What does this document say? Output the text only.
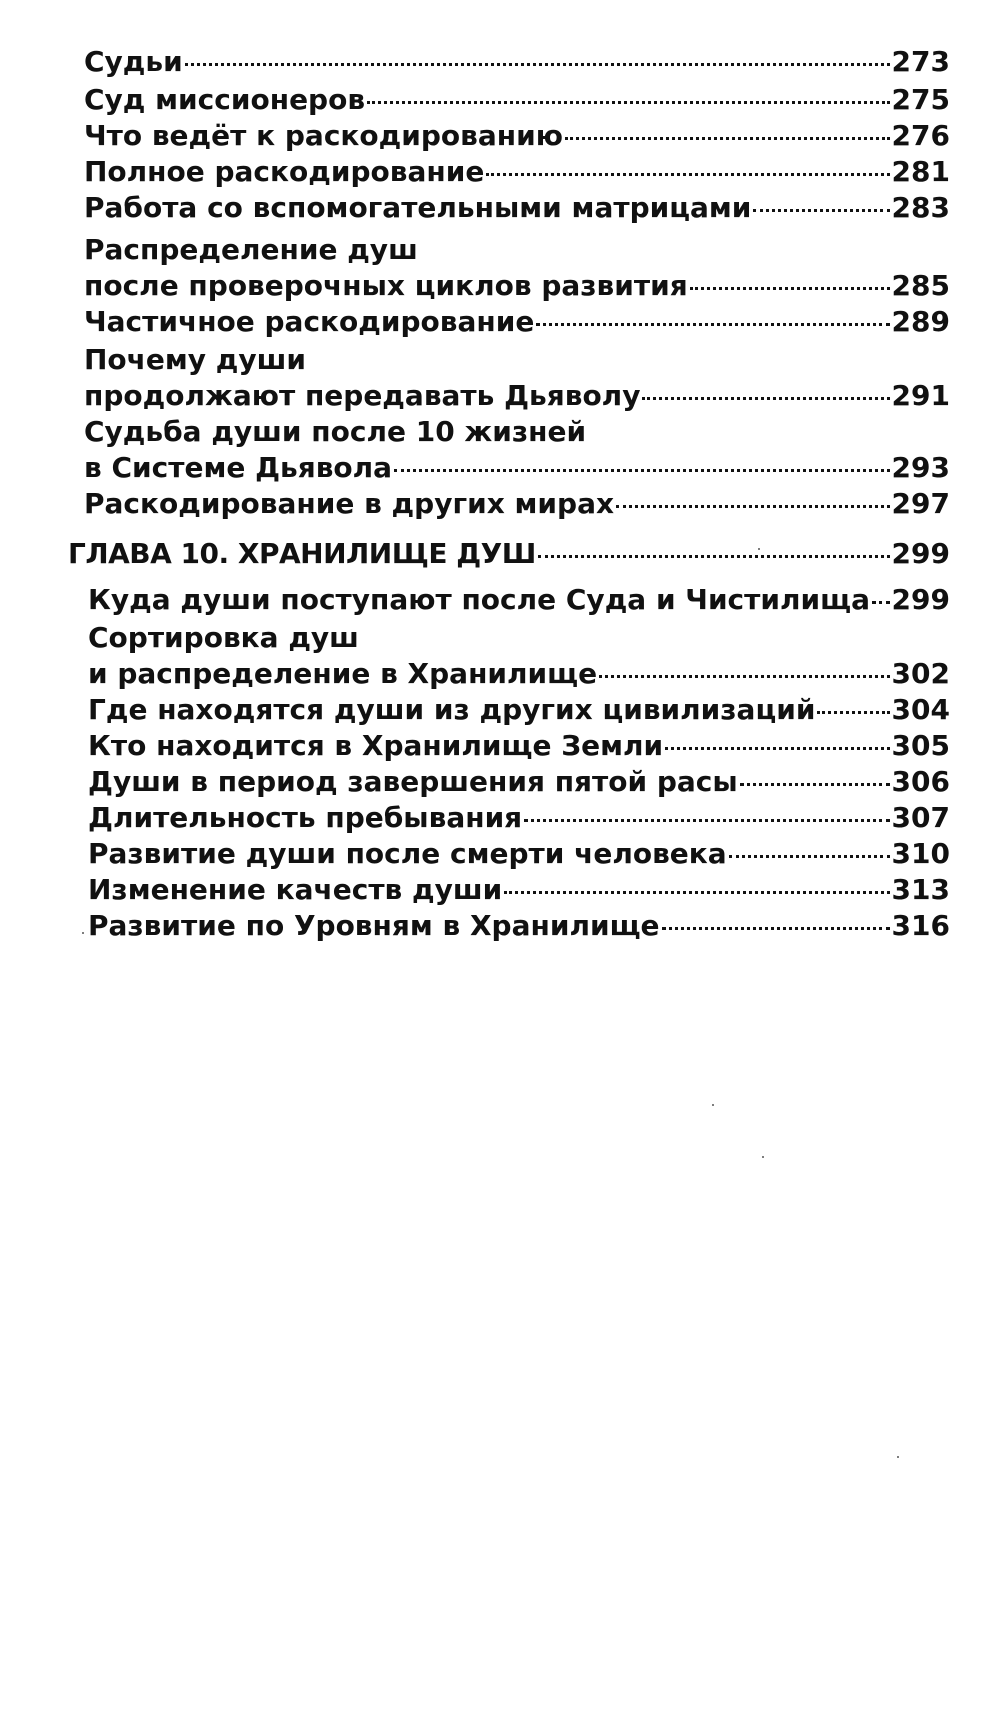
Судьи	273
Суд миссионеров	275
Что ведёт к раскодированию	276
Полное раскодирование	281
Работа со вспомогательными матрицами	283
Распределение душ
после проверочных циклов развития	285
Частичное раскодирование	289
Почему души
продолжают передавать Дьяволу	291
Судьба души после 10 жизней
в Системе Дьявола	293
Раскодирование в других мирах	297
ГЛАВА 10. ХРАНИЛИЩЕ ДУШ	299
Куда души поступают после Суда и Чистилища 299
Сортировка душ
и распределение в Хранилище	302
Где находятся души из других цивилизаций	304
Кто находится в Хранилище Земли	305
Души в период завершения пятой расы	306
Длительность пребывания	307
Развитие души после смерти человека	310
Изменение качеств души	313
Развитие по Уровням в Хранилище	316
